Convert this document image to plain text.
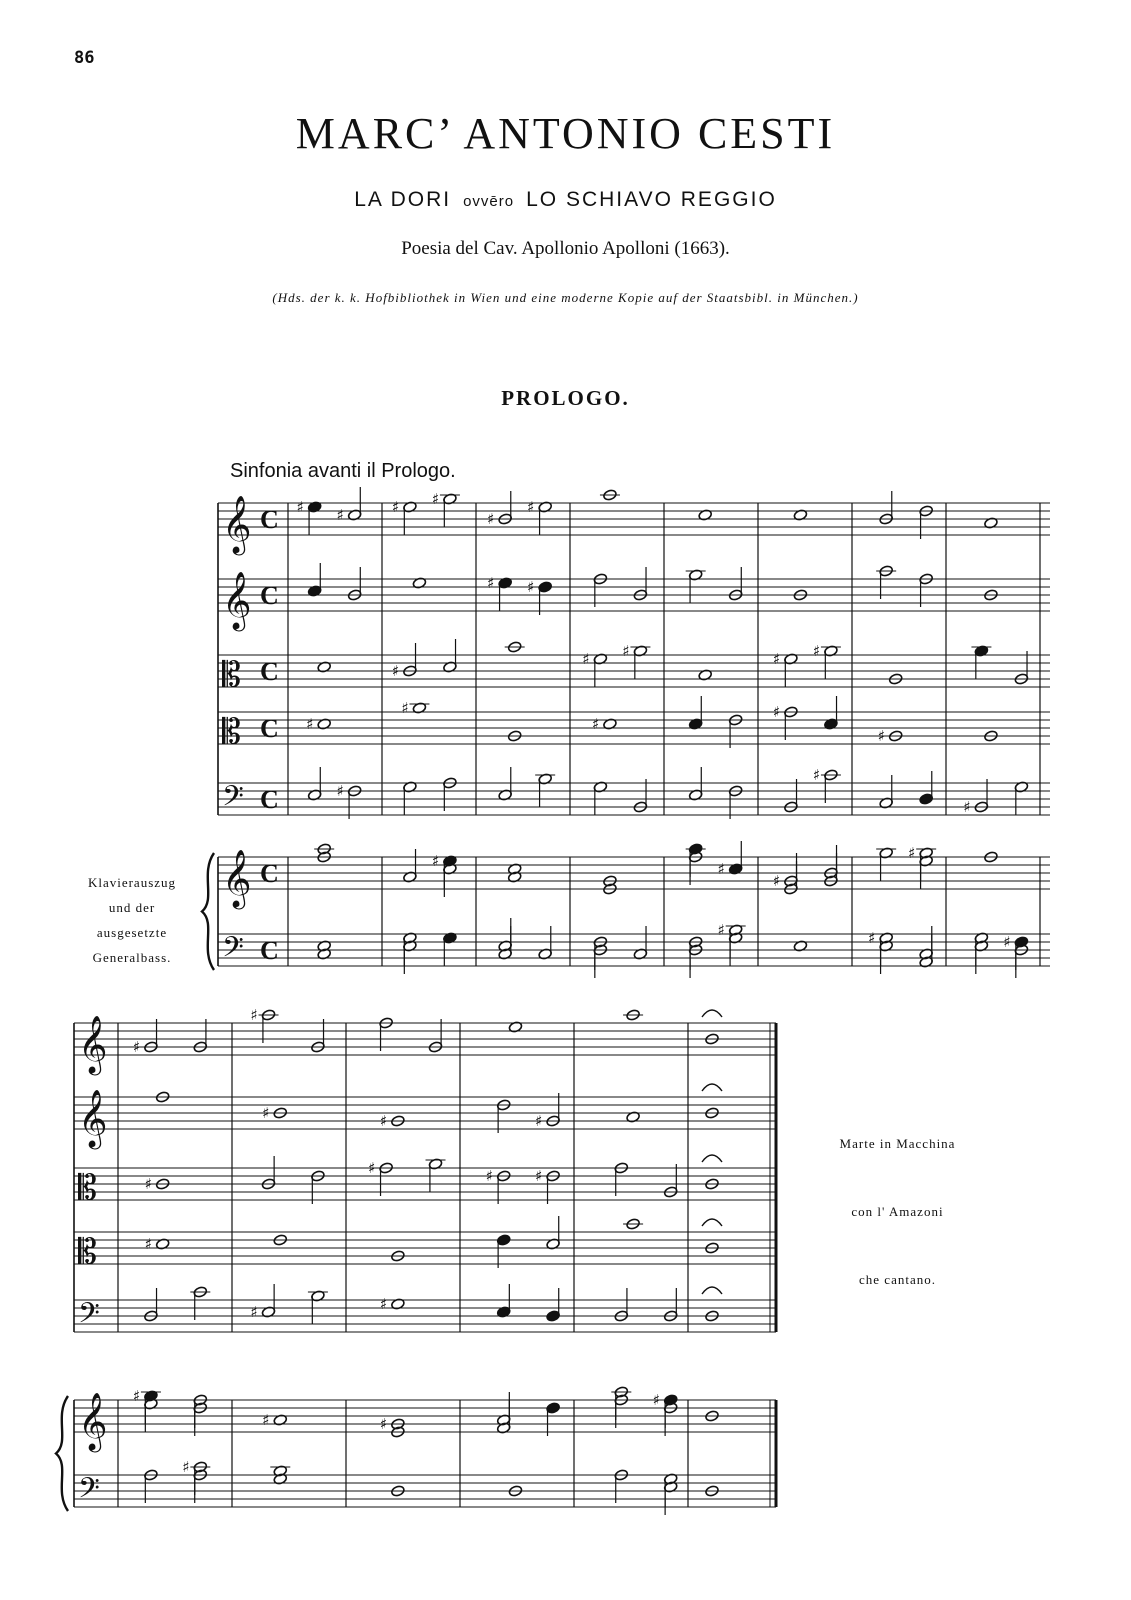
86
MARC’ ANTONIO CESTI
LA DORI ovvēro LO SCHIAVO REGGIO
Poesia del Cav. Apollonio Apolloni (1663).
(Hds. der k. k. Hofbibliothek in Wien und eine moderne Kopie auf der Staatsbibl. in München.)
PROLOGO.
Sinfonia avanti il Prologo.
Klavierauszug
und der
ausgesetzte
Generalbass.
Marte in Macchina
con l' Amazoni
che cantano.
𝄞 C ♯ ♯	♯ ♯
♯
♯
𝄞 C	♯ ♯
𝄡 C	♯
♯ ♯	♯ ♯
𝄡 C ♯
♯
♯
♯
♯
𝄢 C	♯
♯
♯
𝄞 C	♯	♯
♯
♯
𝄢 C
♯	♯	♯
𝄞 ♯
♯
𝄞	♯	♯	♯
𝄡	♯
♯	♯	♯
𝄡	♯
𝄢	♯	♯
𝄞 ♯
♯	♯
♯
𝄢
♯
